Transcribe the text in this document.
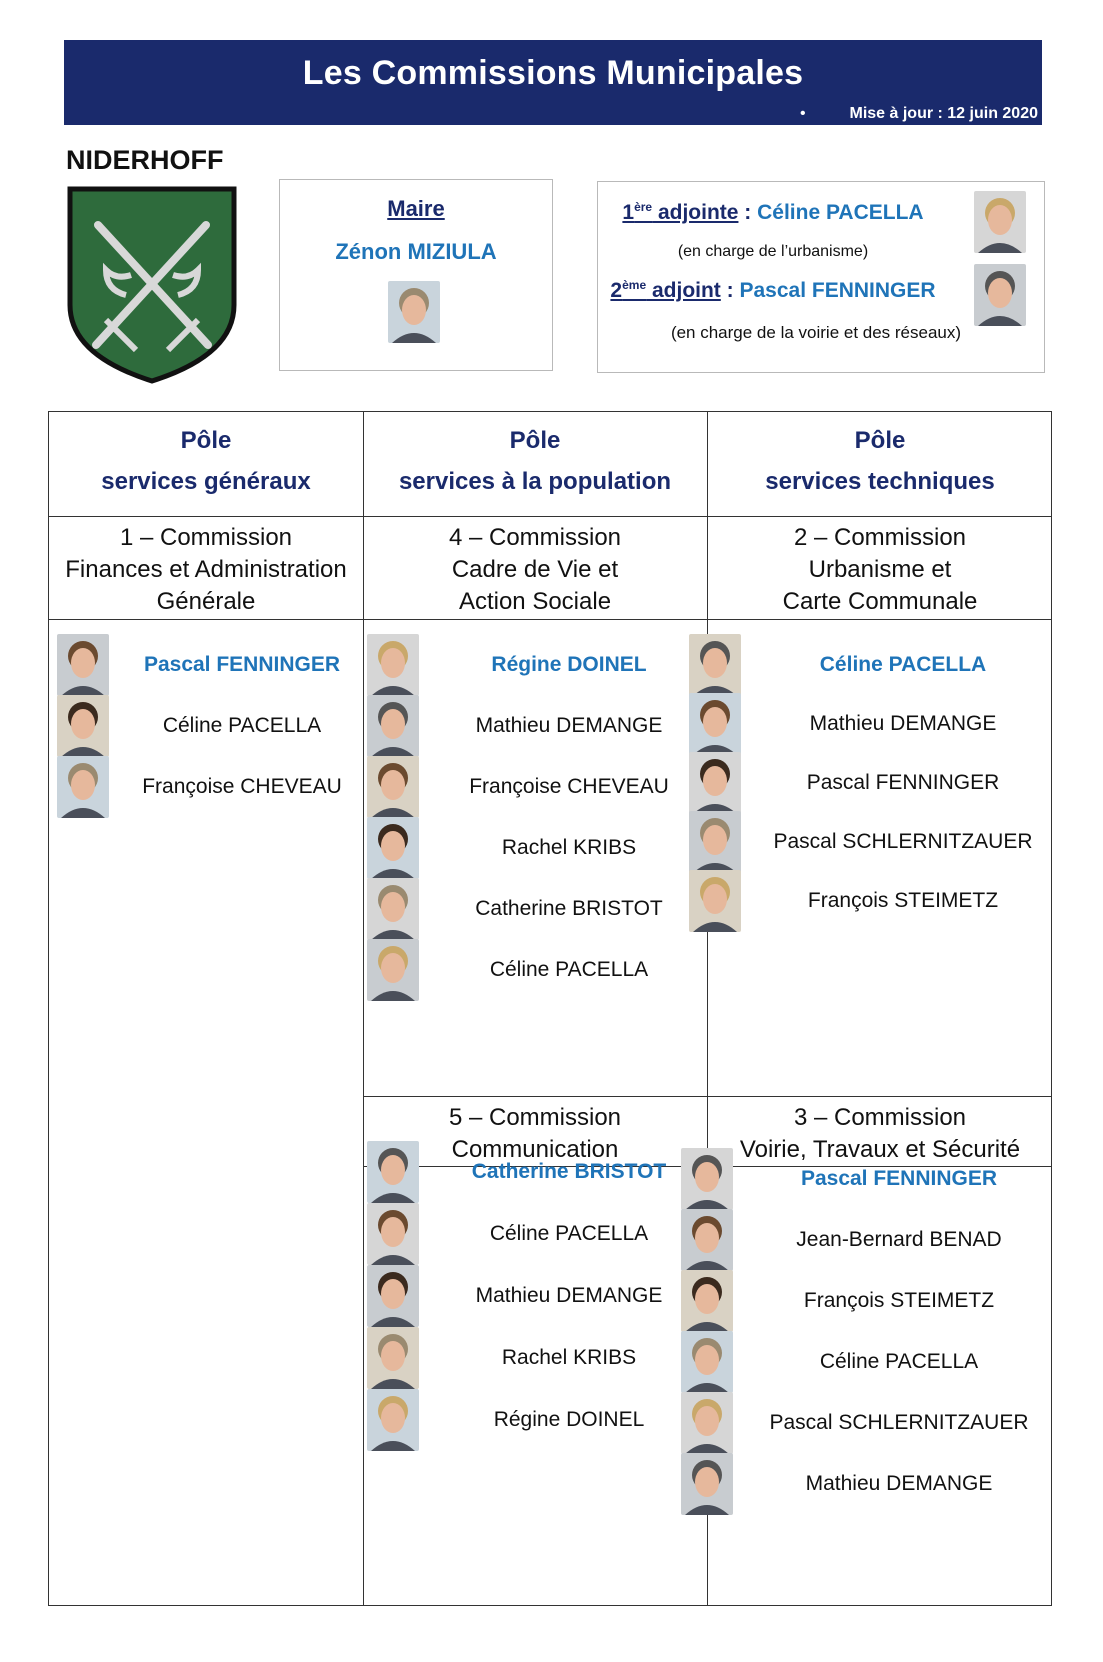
Les Commissions Municipales
•	Mise à jour : 12 juin 2020
NIDERHOFF
Maire
Zénon MIZIULA
1ère adjointe : Céline PACELLA
(en charge de l’urbanisme)
2ème adjoint : Pascal FENNINGER
(en charge de la voirie et des réseaux)
Pôle
services généraux
Pôle
services à la population
Pôle
services techniques
1 – Commission
Finances et Administration
Générale
4 – Commission
Cadre de Vie et
Action Sociale
2 – Commission
Urbanisme et
Carte Communale
5 – Commission
Communication
3 – Commission
Voirie, Travaux et Sécurité
Pascal FENNINGER
Céline PACELLA
Françoise CHEVEAU
Régine DOINEL
Mathieu DEMANGE
Françoise CHEVEAU
Rachel KRIBS
Catherine BRISTOT
Céline PACELLA
Céline PACELLA
Mathieu DEMANGE
Pascal FENNINGER
Pascal SCHLERNITZAUER
François STEIMETZ
Catherine BRISTOT
Céline PACELLA
Mathieu DEMANGE
Rachel KRIBS
Régine DOINEL
Pascal FENNINGER
Jean-Bernard BENAD
François STEIMETZ
Céline PACELLA
Pascal SCHLERNITZAUER
Mathieu DEMANGE
